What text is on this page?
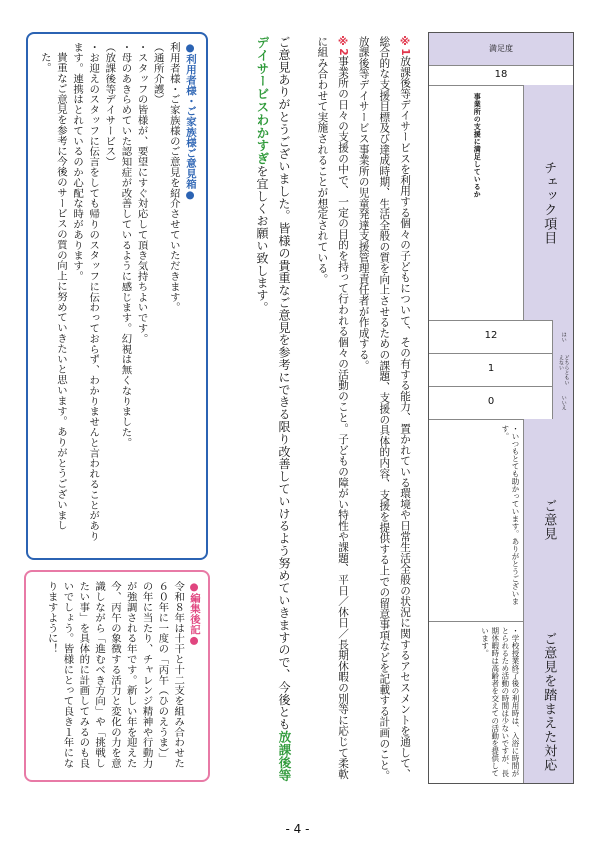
満足度
18
チェック項目
事業所の支援に満足しているか
はい
12
どちらともいえない
1
いいえ
0
ご意見
・いつもとても助かっています。ありがとうございます。
ご意見を踏まえた対応
・学校授業終了後の利用時は、入浴に時間がとられるため活動の時間は少ないですが、長期休暇時は高齢者を交えての活動を提供しています。

※1放課後等デイサービスを利用する個々の子どもについて、その有する能力、置かれている環境や日常生活全般の状況に関するアセスメントを通して、総合的な支援目標及び達成時期、生活全般の質を向上させるための課題、支援の具体的内容、支援を提供する上での留意事項などを記載する計画のこと。放課後等デイサービス事業所の児童発達支援管理責任者が作成する。

※2事業所の日々の支援の中で、一定の目的を持って行われる個々の活動のこと。子どもの障がい特性や課題、平日／休日／長期休暇の別等に応じて柔軟に組み合わせて実施されることが想定されている。

ご意見ありがとうございました。皆様の貴重なご意見を参考にできる限り改善していけるよう努めていきますので、今後とも放課後等デイサービスわかすぎを宜しくお願い致します。

●利用者様・ご家族様ご意見箱●

利用者様・ご家族様のご意見を紹介させていただきます。

（通所介護）

・スタッフの皆様が、要望にすぐ対応して頂き気持ちよいです。

・母のあきらめていた認知症が改善しているように感じます。幻視は無くなりました。

（放課後等デイサービス）

・お迎えのスタッフに伝言をしても帰りのスタッフに伝わっておらず、わかりませんと言われることがあります。連携はとれているのか心配な時があります。

貴重なご意見を参考に今後のサービスの質の向上に努めていきたいと思います。ありがとうございました。

●編集後記●

令和８年は十干と十二支を組み合わせた６０年に一度の「丙午（ひのえうま）」の年に当たり、チャレンジ精神や行動力が強調される年です。新しい年を迎えた今、丙午の象徴する活力と変化の力を意識しながら「進むべき方向」や「挑戦したい事」を具体的に計画してみるのも良いでしょう。皆様にとって良き１年になりますように！

- 4 -
